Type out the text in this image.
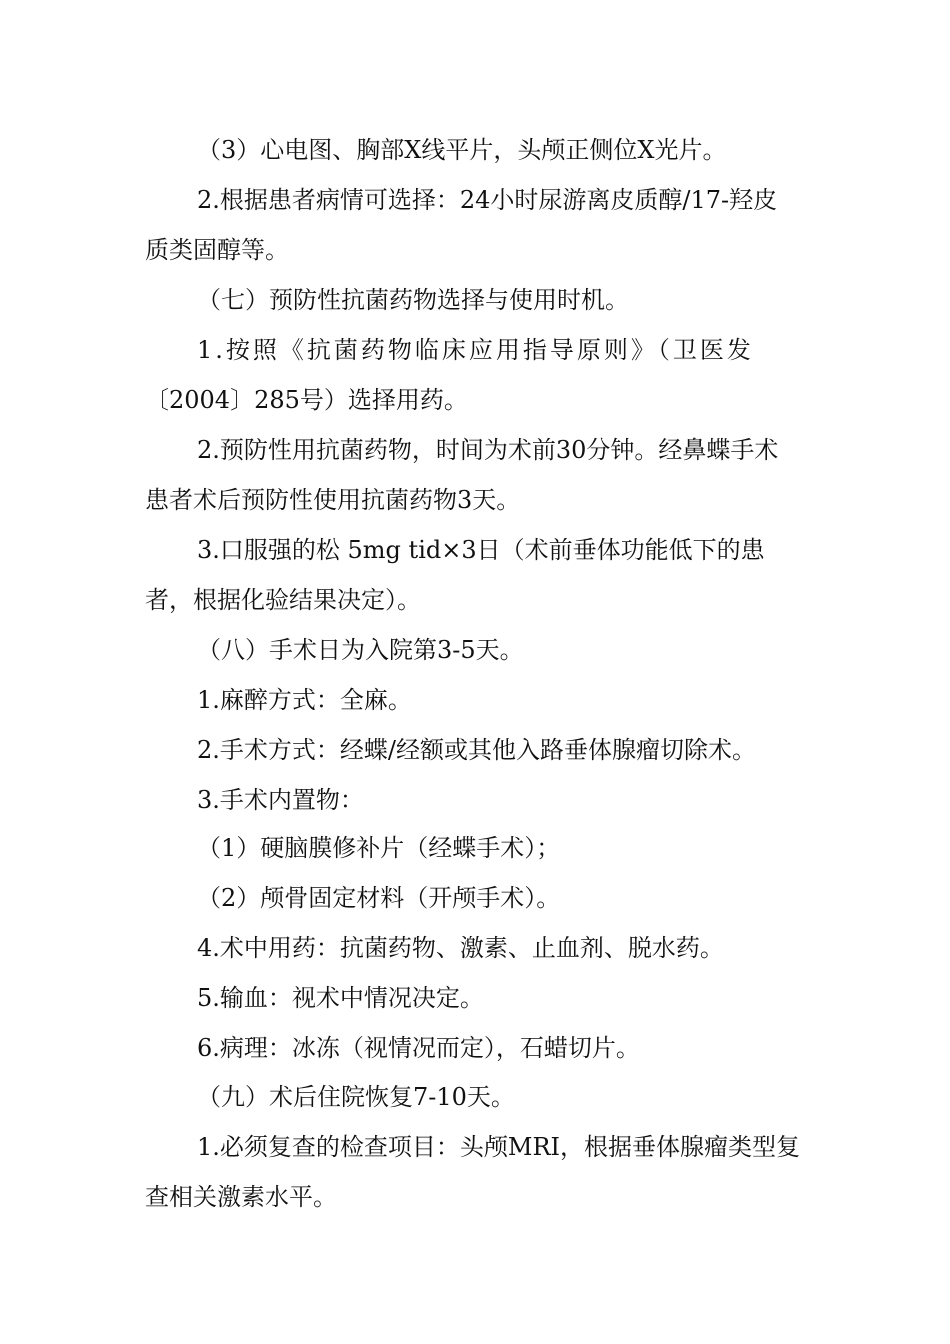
（3）心电图、胸部X线平片，头颅正侧位X光片。
2.根据患者病情可选择：24小时尿游离皮质醇/17-羟皮
质类固醇等。
（七）预防性抗菌药物选择与使用时机。
1.按照《抗菌药物临床应用指导原则》（卫医发
〔2004〕285号）选择用药。
2.预防性用抗菌药物，时间为术前30分钟。经鼻蝶手术
患者术后预防性使用抗菌药物3天。
3.口服强的松 5mg tid×3日（术前垂体功能低下的患
者，根据化验结果决定）。
（八）手术日为入院第3-5天。
1.麻醉方式：全麻。
2.手术方式：经蝶/经额或其他入路垂体腺瘤切除术。
3.手术内置物：
（1）硬脑膜修补片（经蝶手术）；
（2）颅骨固定材料（开颅手术）。
4.术中用药：抗菌药物、激素、止血剂、脱水药。
5.输血：视术中情况决定。
6.病理：冰冻（视情况而定），石蜡切片。
（九）术后住院恢复7-10天。
1.必须复查的检查项目：头颅MRI，根据垂体腺瘤类型复
查相关激素水平。
